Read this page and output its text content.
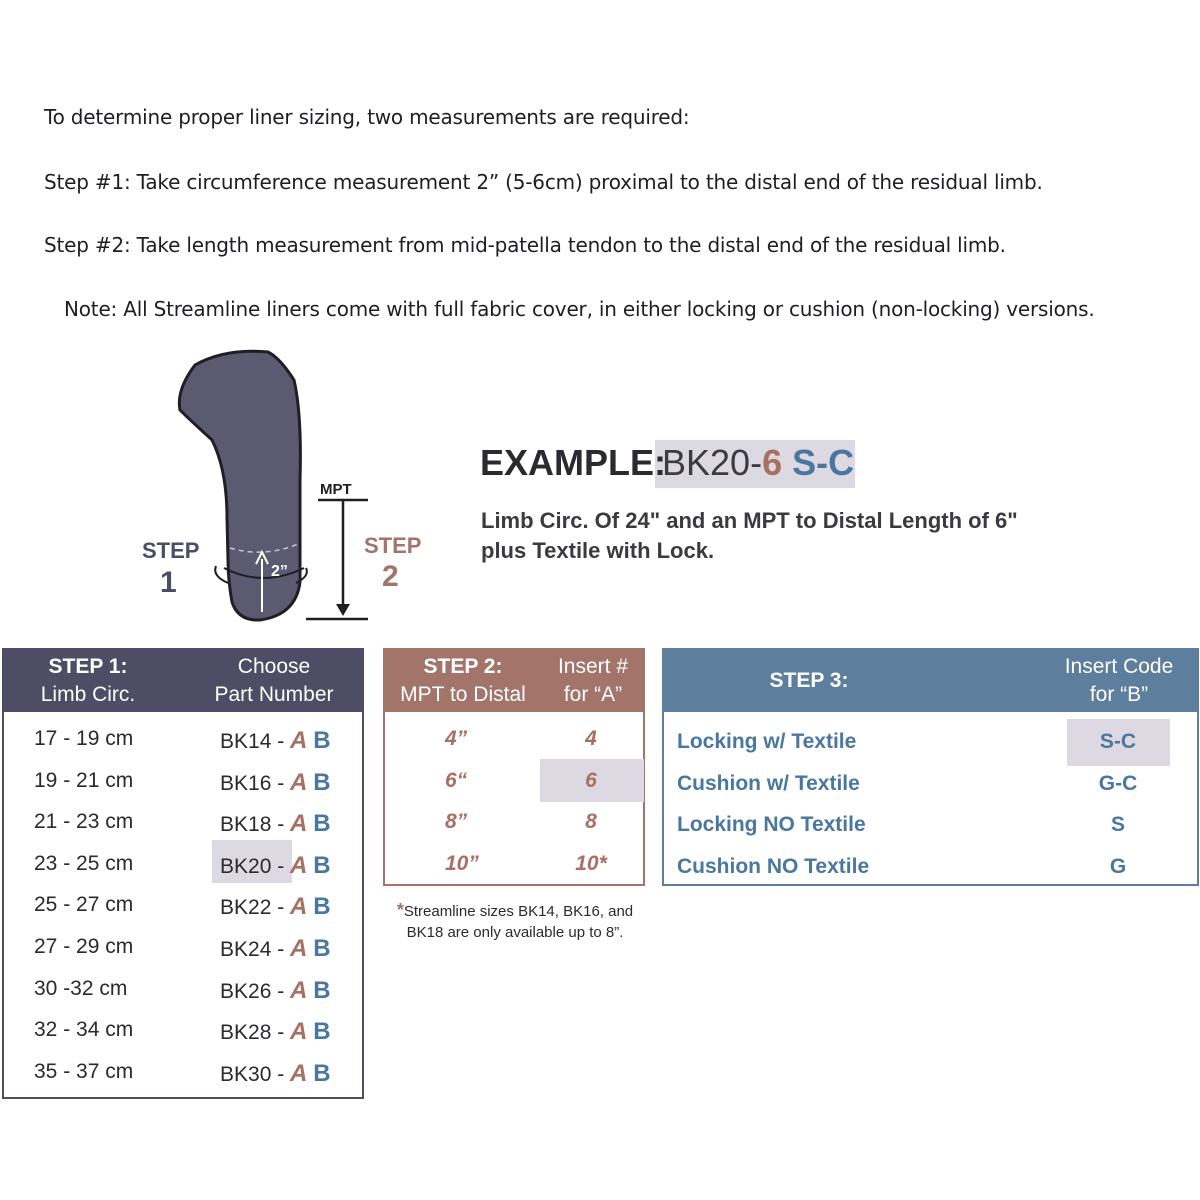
To determine proper liner sizing, two measurements are required:
Step #1: Take circumference measurement 2” (5-6cm) proximal to the distal end of the residual limb.
Step #2: Take length measurement from mid-patella tendon to the distal end of the residual limb.
Note: All Streamline liners come with full fabric cover, in either locking or cushion (non-locking) versions.
2”
STEP
1
MPT
STEP
2
EXAMPLE:
BK20-6 S-C
Limb Circ. Of 24" and an MPT to Distal Length of 6"
plus Textile with Lock.
STEP 1:
Limb Circ.
Choose
Part Number
17 - 19 cm	BK14 - A B
19 - 21 cm	BK16 - A B
21 - 23 cm	BK18 - A B
23 - 25 cm	BK20 - A B
25 - 27 cm	BK22 - A B
27 - 29 cm	BK24 - A B
30 -32 cm	BK26 - A B
32 - 34 cm	BK28 - A B
35 - 37 cm	BK30 - A B
STEP 2:
MPT to Distal
Insert #
for “A”
4”	4
6“	6
8”	8
10”	10*
*Streamline sizes BK14, BK16, and
BK18 are only available up to 8”.
STEP 3:
Insert Code
for “B”
Locking w/ Textile	S-C
Cushion w/ Textile	G-C
Locking NO Textile	S
Cushion NO Textile	G
